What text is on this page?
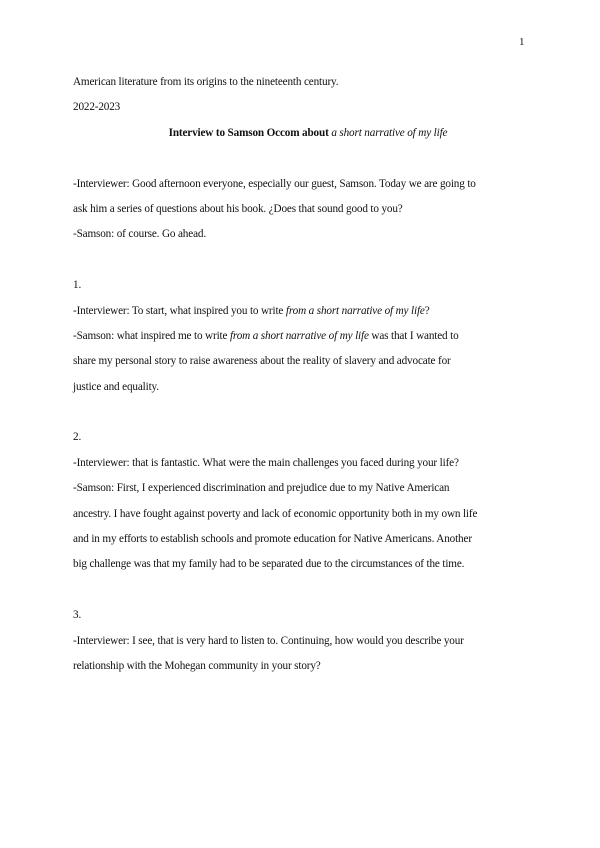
1
American literature from its origins to the nineteenth century.
2022-2023
Interview to Samson Occom about a short narrative of my life
-Interviewer: Good afternoon everyone, especially our guest, Samson. Today we are going to
ask him a series of questions about his book. ¿Does that sound good to you?
-Samson: of course. Go ahead.
1.
-Interviewer: To start, what inspired you to write from a short narrative of my life?
-Samson: what inspired me to write from a short narrative of my life was that I wanted to
share my personal story to raise awareness about the reality of slavery and advocate for
justice and equality.
2.
-Interviewer: that is fantastic. What were the main challenges you faced during your life?
-Samson: First, I experienced discrimination and prejudice due to my Native American
ancestry. I have fought against poverty and lack of economic opportunity both in my own life
and in my efforts to establish schools and promote education for Native Americans. Another
big challenge was that my family had to be separated due to the circumstances of the time.
3.
-Interviewer: I see, that is very hard to listen to. Continuing, how would you describe your
relationship with the Mohegan community in your story?
